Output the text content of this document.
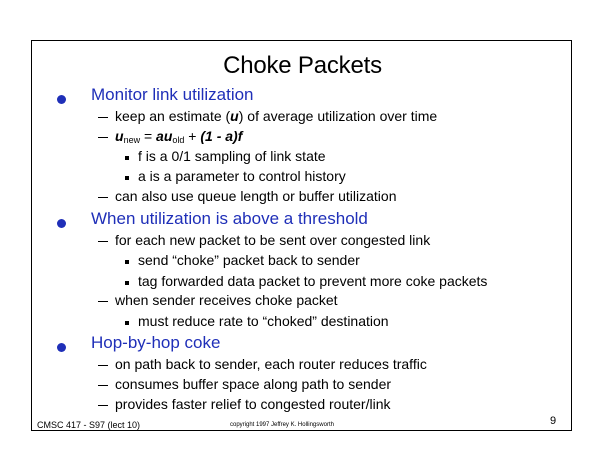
Choke Packets
Monitor link utilization
keep an estimate (u) of average utilization over time
$u_{new} = au_{old} + (1 - a)f$
f is a 0/1 sampling of link state
a is a parameter to control history
can also use queue length or buffer utilization
When utilization is above a threshold
for each new packet to be sent over congested link
send “choke” packet back to sender
tag forwarded data packet to prevent more coke packets
when sender receives choke packet
must reduce rate to “choked” destination
Hop-by-hop coke
on path back to sender, each router reduces traffic
consumes buffer space along path to sender
provides faster relief to congested router/link
CMSC 417 - S97 (lect 10)	copyright 1997 Jeffrey K. Hollingsworth	9
